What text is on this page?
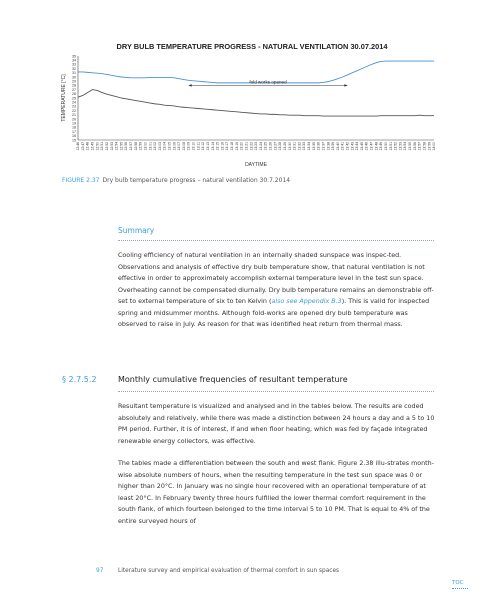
DRY BULB TEMPERATURE PROGRESS - NATURAL VENTILATION 30.07.2014
15
16
17
18
19
20
21
22
23
24
25
26
27
28
29
30
31
32
33
34
35
12:46 12:47 12:48 12:49 12:50 12:51 12:52 12:53 12:54 12:55 12:56 12:57 12:58 12:59 13:00 13:01 13:02 13:03 13:04 13:05 13:06 13:07 13:08 13:09 13:10 13:11 13:12 13:13 13:14 13:15 13:16 13:17 13:18 13:19 13:20 13:21 13:22 13:23 13:24 13:25 13:26 13:27 13:28 13:29 13:30 13:31 13:32 13:33 13:34 13:35 13:36 13:37 13:38 13:39 13:40 13:41 13:42 13:43 13:44 13:45 13:46 13:47 13:48 13:49 13:50 13:51 13:52 13:53 13:54 13:55 13:56 13:57 13:58 13:59 14:00
fold works opened
TEMPERATURE [°C]
DAYTIME
FIGURE 2.37 Dry bulb temperature progress – natural ventilation 30.7.2014
Summary

Cooling efficiency of natural ventilation in an internally shaded sunspace was inspec-ted. Observations and analysis of effective dry bulb temperature show, that natural ventilation is not effective in order to approximately accomplish external temperature level in the test sun space. Overheating cannot be compensated diurnally. Dry bulb temperature remains an demonstrable off-set to external temperature of six to ten Kelvin (also see Appendix B.3). This is valid for inspected spring and midsummer months. Although fold-works are opened dry bulb temperature was observed to raise in July. As reason for that was identified heat return from thermal mass.

§ 2.7.5.2	Monthly cumulative frequencies of resultant temperature

Resultant temperature is visualized and analysed and in the tables below. The results are coded absolutely and relatively, while there was made a distinction between 24 hours a day and a 5 to 10 PM period. Further, it is of interest, if and when floor heating, which was fed by façade integrated renewable energy collectors, was effective.

The tables made a differentiation between the south and west flank. Figure 2.38 illu-strates month-wise absolute numbers of hours, when the resulting temperature in the test sun space was 0 or higher than 20°C. In January was no single hour recovered with an operational temperature of at least 20°C. In February twenty three hours fulfilled the lower thermal comfort requirement in the south flank, of which fourteen belonged to the time interval 5 to 10 PM. That is equal to 4% of the entire surveyed hours of

97	Literature survey and empirical evaluation of thermal comfort in sun spaces
TOC
